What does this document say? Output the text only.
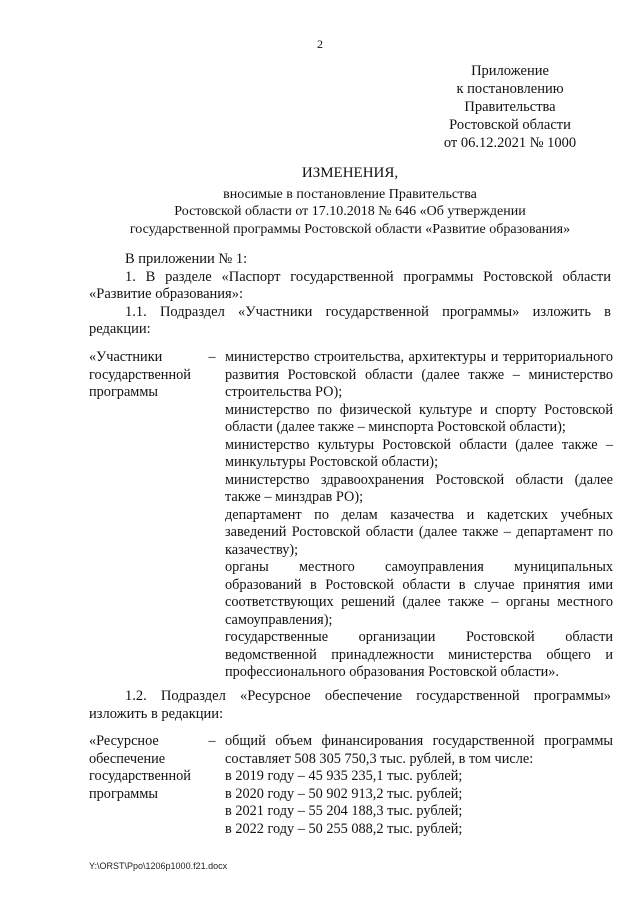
2
Приложение
к постановлению
Правительства
Ростовской области
от 06.12.2021 № 1000
ИЗМЕНЕНИЯ,
вносимые в постановление Правительства
Ростовской области от 17.10.2018 № 646 «Об утверждении
государственной программы Ростовской области «Развитие образования»
В приложении № 1:
1. В разделе «Паспорт государственной программы Ростовской области «Развитие образования»:
1.1. Подраздел «Участники государственной программы» изложить в редакции:
«Участники государственной программы
– министерство строительства, архитектуры и территориального развития Ростовской области (далее также – министерство строительства РО);
министерство по физической культуре и спорту Ростовской области (далее также – минспорта Ростовской области);
министерство культуры Ростовской области (далее также – минкультуры Ростовской области);
министерство здравоохранения Ростовской области (далее также – минздрав РО);
департамент по делам казачества и кадетских учебных заведений Ростовской области (далее также – департамент по казачеству);
органы местного самоуправления муниципальных образований в Ростовской области в случае принятия ими соответствующих решений (далее также – органы местного самоуправления);
государственные организации Ростовской области ведомственной принадлежности министерства общего и профессионального образования Ростовской области».
1.2. Подраздел «Ресурсное обеспечение государственной программы» изложить в редакции:
«Ресурсное обеспечение государственной программы
– общий объем финансирования государственной программы составляет 508 305 750,3 тыс. рублей, в том числе:
в 2019 году – 45 935 235,1 тыс. рублей;
в 2020 году – 50 902 913,2 тыс. рублей;
в 2021 году – 55 204 188,3 тыс. рублей;
в 2022 году – 50 255 088,2 тыс. рублей;
Y:\ORST\Ppo\1206p1000.f21.docx
